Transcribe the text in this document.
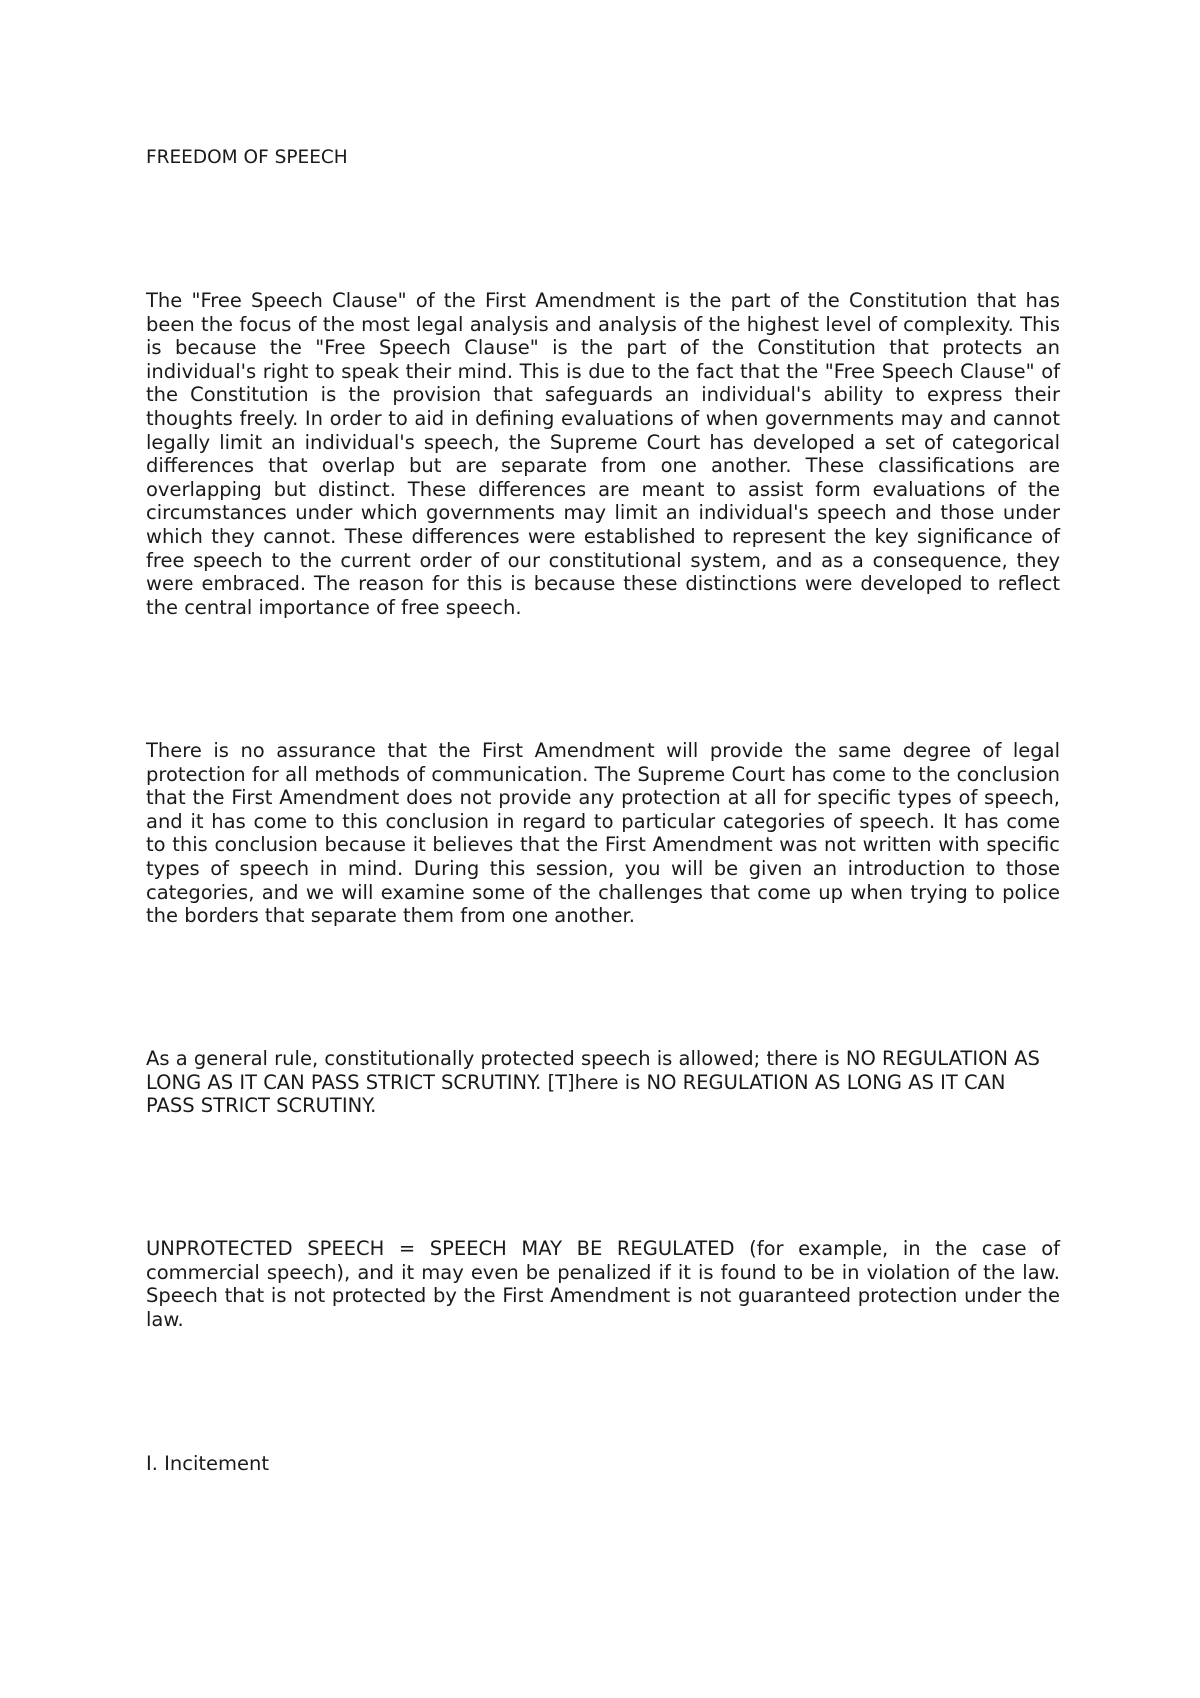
FREEDOM OF SPEECH

The "Free Speech Clause" of the First Amendment is the part of the Constitution that has been the focus of the most legal analysis and analysis of the highest level of complexity. This is because the "Free Speech Clause" is the part of the Constitution that protects an individual's right to speak their mind. This is due to the fact that the "Free Speech Clause" of the Constitution is the provision that safeguards an individual's ability to express their thoughts freely. In order to aid in defining evaluations of when governments may and cannot legally limit an individual's speech, the Supreme Court has developed a set of categorical differences that overlap but are separate from one another. These classifications are overlapping but distinct. These differences are meant to assist form evaluations of the circumstances under which governments may limit an individual's speech and those under which they cannot. These differences were established to represent the key significance of free speech to the current order of our constitutional system, and as a consequence, they were embraced. The reason for this is because these distinctions were developed to reflect the central importance of free speech.

There is no assurance that the First Amendment will provide the same degree of legal protection for all methods of communication. The Supreme Court has come to the conclusion that the First Amendment does not provide any protection at all for specific types of speech, and it has come to this conclusion in regard to particular categories of speech. It has come to this conclusion because it believes that the First Amendment was not written with specific types of speech in mind. During this session, you will be given an introduction to those categories, and we will examine some of the challenges that come up when trying to police the borders that separate them from one another.

As a general rule, constitutionally protected speech is allowed; there is NO REGULATION AS LONG AS IT CAN PASS STRICT SCRUTINY. [T]here is NO REGULATION AS LONG AS IT CAN PASS STRICT SCRUTINY.

UNPROTECTED SPEECH = SPEECH MAY BE REGULATED (for example, in the case of commercial speech), and it may even be penalized if it is found to be in violation of the law. Speech that is not protected by the First Amendment is not guaranteed protection under the law.

I. Incitement
